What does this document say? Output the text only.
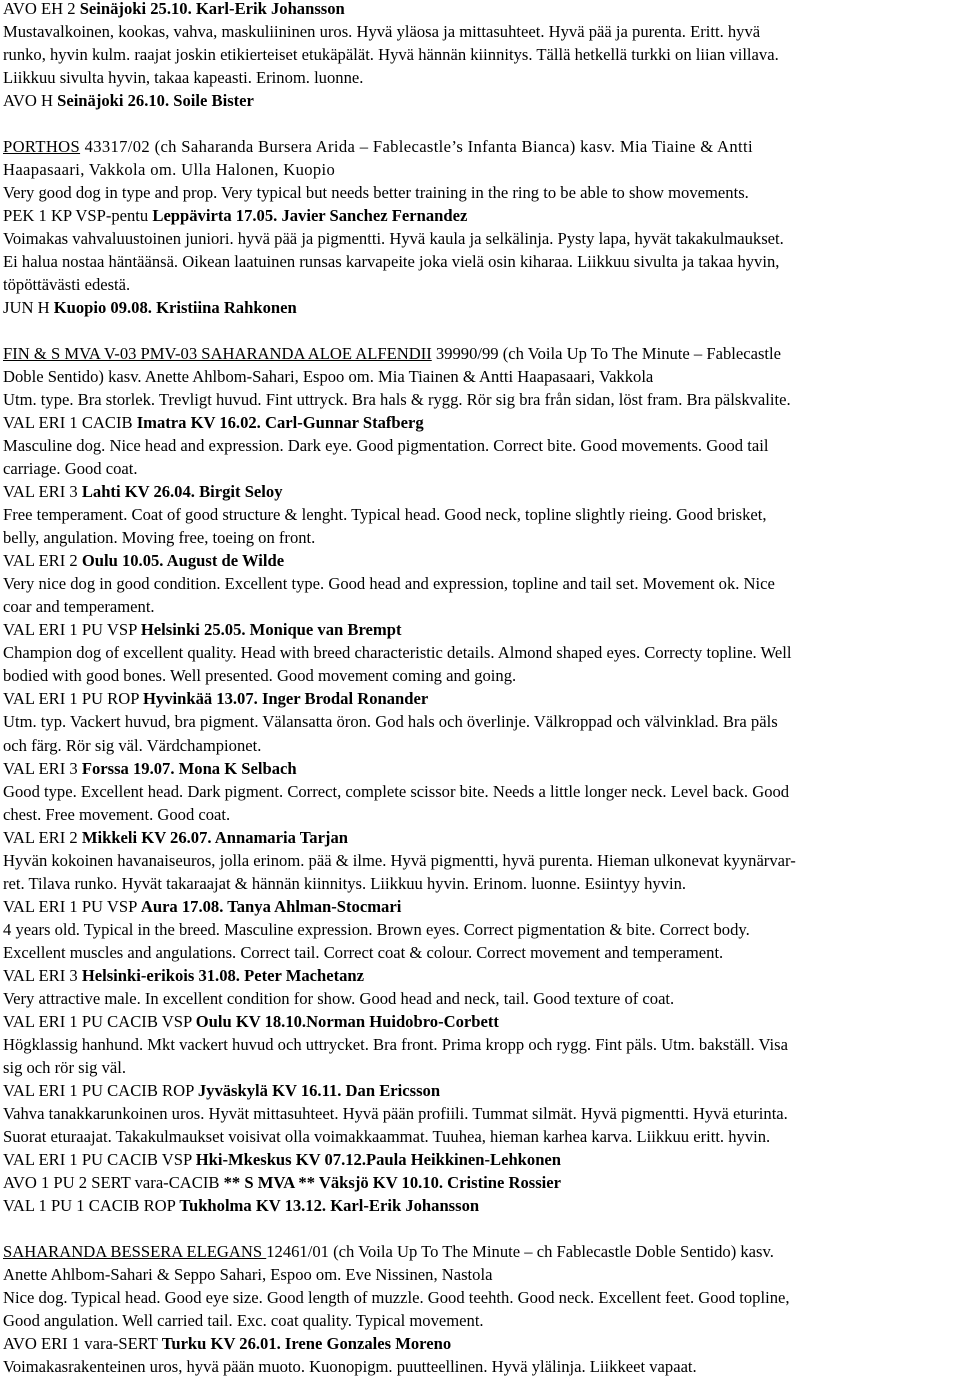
AVO EH 2 Seinäjoki 25.10. Karl-Erik Johansson
Mustavalkoinen, kookas, vahva, maskuliininen uros. Hyvä yläosa ja mittasuhteet. Hyvä pää ja purenta. Eritt. hyvä
runko, hyvin kulm. raajat joskin etikierteiset etukäpälät. Hyvä hännän kiinnitys. Tällä hetkellä turkki on liian villava.
Liikkuu sivulta hyvin, takaa kapeasti. Erinom. luonne.
AVO H Seinäjoki 26.10. Soile Bister
PORTHOS 43317/02 (ch Saharanda Bursera Arida – Fablecastle’s Infanta Bianca) kasv. Mia Tiaine & Antti
Haapasaari, Vakkola om. Ulla Halonen, Kuopio
Very good dog in type and prop. Very typical but needs better training in the ring to be able to show movements.
PEK 1 KP VSP-pentu Leppävirta 17.05. Javier Sanchez Fernandez
Voimakas vahvaluustoinen juniori. hyvä pää ja pigmentti. Hyvä kaula ja selkälinja. Pysty lapa, hyvät takakulmaukset.
Ei halua nostaa häntäänsä. Oikean laatuinen runsas karvapeite joka vielä osin kiharaa. Liikkuu sivulta ja takaa hyvin,
töpöttävästi edestä.
JUN H Kuopio 09.08. Kristiina Rahkonen
FIN & S MVA V-03 PMV-03 SAHARANDA ALOE ALFENDII 39990/99 (ch Voila Up To The Minute – Fablecastle
Doble Sentido) kasv. Anette Ahlbom-Sahari, Espoo om. Mia Tiainen & Antti Haapasaari, Vakkola
Utm. type. Bra storlek. Trevligt huvud. Fint uttryck. Bra hals & rygg. Rör sig bra från sidan, löst fram. Bra pälskvalite.
VAL ERI 1 CACIB Imatra KV 16.02. Carl-Gunnar Stafberg
Masculine dog. Nice head and expression. Dark eye. Good pigmentation. Correct bite. Good movements. Good tail
carriage. Good coat.
VAL ERI 3 Lahti KV 26.04. Birgit Seloy
Free temperament. Coat of good structure & lenght. Typical head. Good neck, topline slightly rieing. Good brisket,
belly, angulation. Moving free, toeing on front.
VAL ERI 2 Oulu 10.05. August de Wilde
Very nice dog in good condition. Excellent type. Good head and expression, topline and tail set. Movement ok. Nice
coar and temperament.
VAL ERI 1 PU VSP Helsinki 25.05. Monique van Brempt
Champion dog of excellent quality. Head with breed characteristic details. Almond shaped eyes. Correcty topline. Well
bodied with good bones. Well presented. Good movement coming and going.
VAL ERI 1 PU ROP Hyvinkää 13.07. Inger Brodal Ronander
Utm. typ. Vackert huvud, bra pigment. Välansatta öron. God hals och överlinje. Välkroppad och välvinklad. Bra päls
och färg. Rör sig väl. Värdchampionet.
VAL ERI 3 Forssa 19.07. Mona K Selbach
Good type. Excellent head. Dark pigment. Correct, complete scissor bite. Needs a little longer neck. Level back. Good
chest. Free movement. Good coat.
VAL ERI 2 Mikkeli KV 26.07. Annamaria Tarjan
Hyvän kokoinen havanaiseuros, jolla erinom. pää & ilme. Hyvä pigmentti, hyvä purenta. Hieman ulkonevat kyynärvar-
ret. Tilava runko. Hyvät takaraajat & hännän kiinnitys. Liikkuu hyvin. Erinom. luonne. Esiintyy hyvin.
VAL ERI 1 PU VSP Aura 17.08. Tanya Ahlman-Stocmari
4 years old. Typical in the breed. Masculine expression. Brown eyes. Correct pigmentation & bite. Correct body.
Excellent muscles and angulations. Correct tail. Correct coat & colour. Correct movement and temperament.
VAL ERI 3 Helsinki-erikois 31.08. Peter Machetanz
Very attractive male. In excellent condition for show. Good head and neck, tail. Good texture of coat.
VAL ERI 1 PU CACIB VSP Oulu KV 18.10.Norman Huidobro-Corbett
Högklassig hanhund. Mkt vackert huvud och uttrycket. Bra front. Prima kropp och rygg. Fint päls. Utm. bakställ. Visa
sig och rör sig väl.
VAL ERI 1 PU CACIB ROP Jyväskylä KV 16.11. Dan Ericsson
Vahva tanakkarunkoinen uros. Hyvät mittasuhteet. Hyvä pään profiili. Tummat silmät. Hyvä pigmentti. Hyvä eturinta.
Suorat eturaajat. Takakulmaukset voisivat olla voimakkaammat. Tuuhea, hieman karhea karva. Liikkuu eritt. hyvin.
VAL ERI 1 PU CACIB VSP Hki-Mkeskus KV 07.12.Paula Heikkinen-Lehkonen
AVO 1 PU 2 SERT vara-CACIB ** S MVA ** Väksjö KV 10.10. Cristine Rossier
VAL 1 PU 1 CACIB ROP Tukholma KV 13.12. Karl-Erik Johansson
SAHARANDA BESSERA ELEGANS 12461/01 (ch Voila Up To The Minute – ch Fablecastle Doble Sentido) kasv.
Anette Ahlbom-Sahari & Seppo Sahari, Espoo om. Eve Nissinen, Nastola
Nice dog. Typical head. Good eye size. Good length of muzzle. Good teehth. Good neck. Excellent feet. Good topline,
Good angulation. Well carried tail. Exc. coat quality. Typical movement.
AVO ERI 1 vara-SERT Turku KV 26.01. Irene Gonzales Moreno
Voimakasrakenteinen uros, hyvä pään muoto. Kuonopigm. puutteellinen. Hyvä ylälinja. Liikkeet vapaat.
